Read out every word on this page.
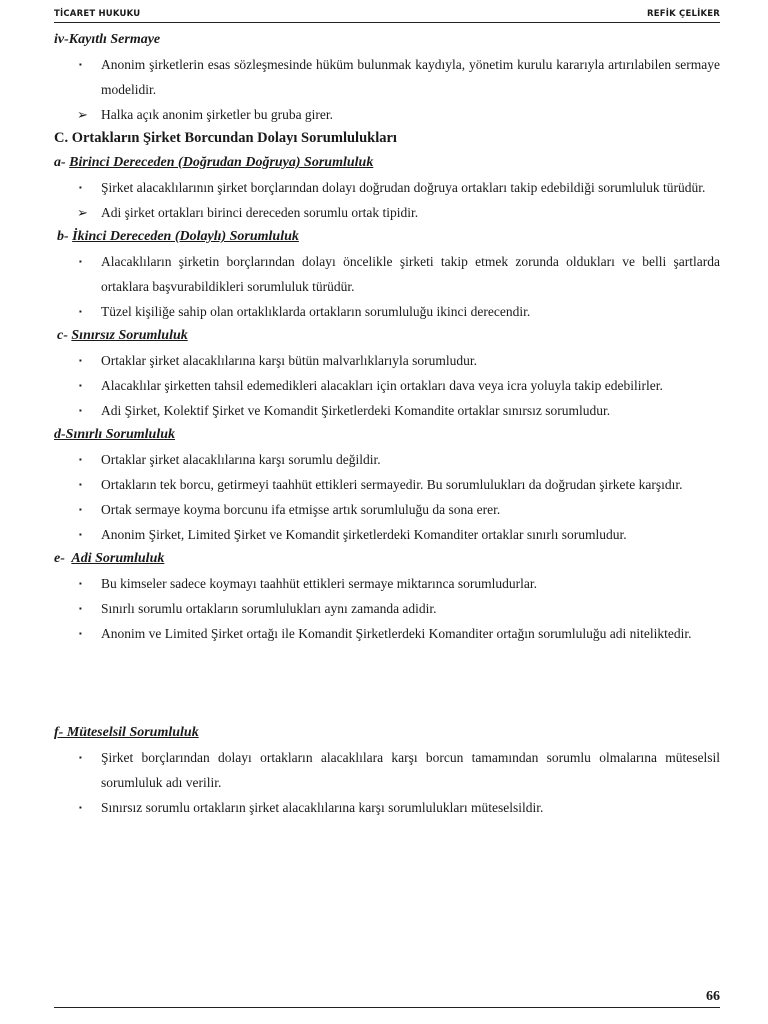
TİCARET HUKUKU	REFİK ÇELİKER
iv-Kayıtlı Sermaye
▪ Anonim şirketlerin esas sözleşmesinde hüküm bulunmak kaydıyla, yönetim kurulu kararıyla artırılabilen sermaye modelidir.

➢ Halka açık anonim şirketler bu gruba girer.

C. Ortakların Şirket Borcundan Dolayı Sorumlulukları
a- Birinci Dereceden (Doğrudan Doğruya) Sorumluluk
▪ Şirket alacaklılarının şirket borçlarından dolayı doğrudan doğruya ortakları takip edebildiği sorumluluk türüdür.

➢ Adi şirket ortakları birinci dereceden sorumlu ortak tipidir.

b- İkinci Dereceden (Dolaylı) Sorumluluk
▪ Alacaklıların şirketin borçlarından dolayı öncelikle şirketi takip etmek zorunda oldukları ve belli şartlarda ortaklara başvurabildikleri sorumluluk türüdür.

▪ Tüzel kişiliğe sahip olan ortaklıklarda ortakların sorumluluğu ikinci derecendir.

c- Sınırsız Sorumluluk
▪ Ortaklar şirket alacaklılarına karşı bütün malvarlıklarıyla sorumludur.

▪ Alacaklılar şirketten tahsil edemedikleri alacakları için ortakları dava veya icra yoluyla takip edebilirler.

▪ Adi Şirket, Kolektif Şirket ve Komandit Şirketlerdeki Komandite ortaklar sınırsız sorumludur.

d-Sınırlı Sorumluluk
▪ Ortaklar şirket alacaklılarına karşı sorumlu değildir.

▪ Ortakların tek borcu, getirmeyi taahhüt ettikleri sermayedir. Bu sorumlulukları da doğrudan şirkete karşıdır.

▪ Ortak sermaye koyma borcunu ifa etmişse artık sorumluluğu da sona erer.

▪ Anonim Şirket, Limited Şirket ve Komandit şirketlerdeki Komanditer ortaklar sınırlı sorumludur.

e-  Adi Sorumluluk
▪ Bu kimseler sadece koymayı taahhüt ettikleri sermaye miktarınca sorumludurlar.

▪ Sınırlı sorumlu ortakların sorumlulukları aynı zamanda adidir.

▪ Anonim ve Limited Şirket ortağı ile Komandit Şirketlerdeki Komanditer ortağın sorumluluğu adi niteliktedir.

f- Müteselsil Sorumluluk
▪ Şirket borçlarından dolayı ortakların alacaklılara karşı borcun tamamından sorumlu olmalarına müteselsil sorumluluk adı verilir.

▪ Sınırsız sorumlu ortakların şirket alacaklılarına karşı sorumlulukları müteselsildir.

66
